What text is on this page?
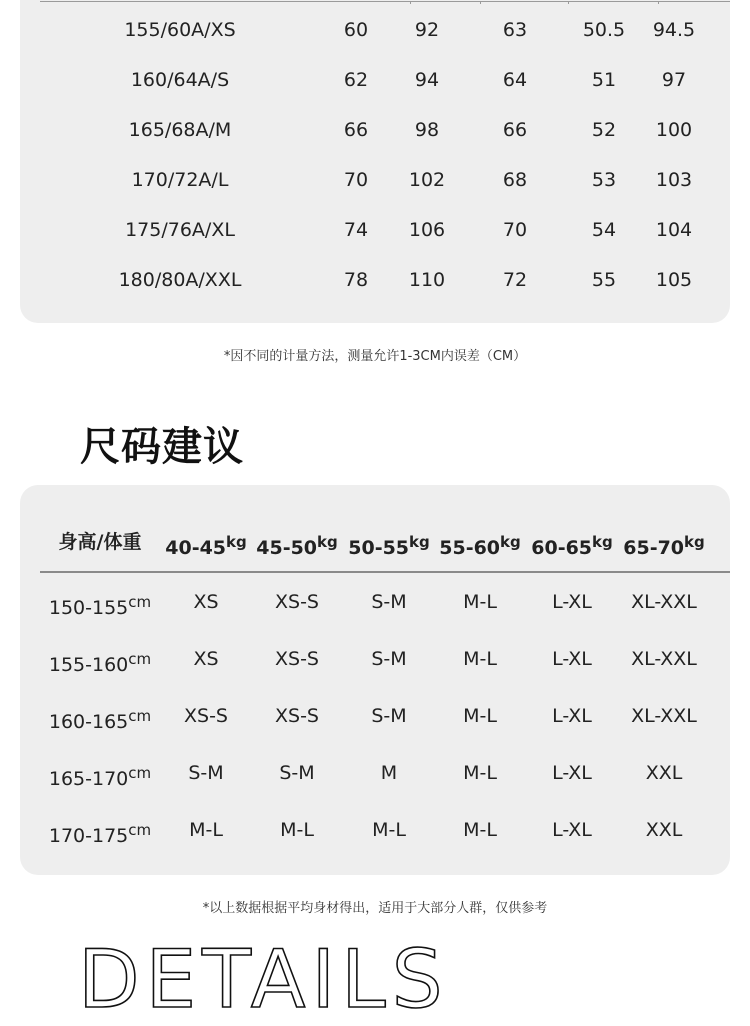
155/60A/XS	60	92	63	50.5	94.5
160/64A/S	62	94	64	51	97
165/68A/M	66	98	66	52	100
170/72A/L	70	102	68	53	103
175/76A/XL	74	106	70	54	104
180/80A/XXL	78	110	72	55	105
*因不同的计量方法，测量允许1-3CM内误差（CM）
尺码建议
身高/体重	$40-45^{kg}$ $45-50^{kg}$ $50-55^{kg}$ $55-60^{kg}$ $60-65^{kg}$ $65-70^{kg}$
$150-155^{cm}$	XS	XS-S	S-M	M-L	L-XL	XL-XXL
$155-160^{cm}$	XS	XS-S	S-M	M-L	L-XL	XL-XXL
$160-165^{cm}$	XS-S	XS-S	S-M	M-L	L-XL	XL-XXL
$165-170^{cm}$	S-M	S-M	M	M-L	L-XL	XXL
$170-175^{cm}$	M-L	M-L	M-L	M-L	L-XL	XXL
*以上数据根据平均身材得出，适用于大部分人群，仅供参考
DETAILS
